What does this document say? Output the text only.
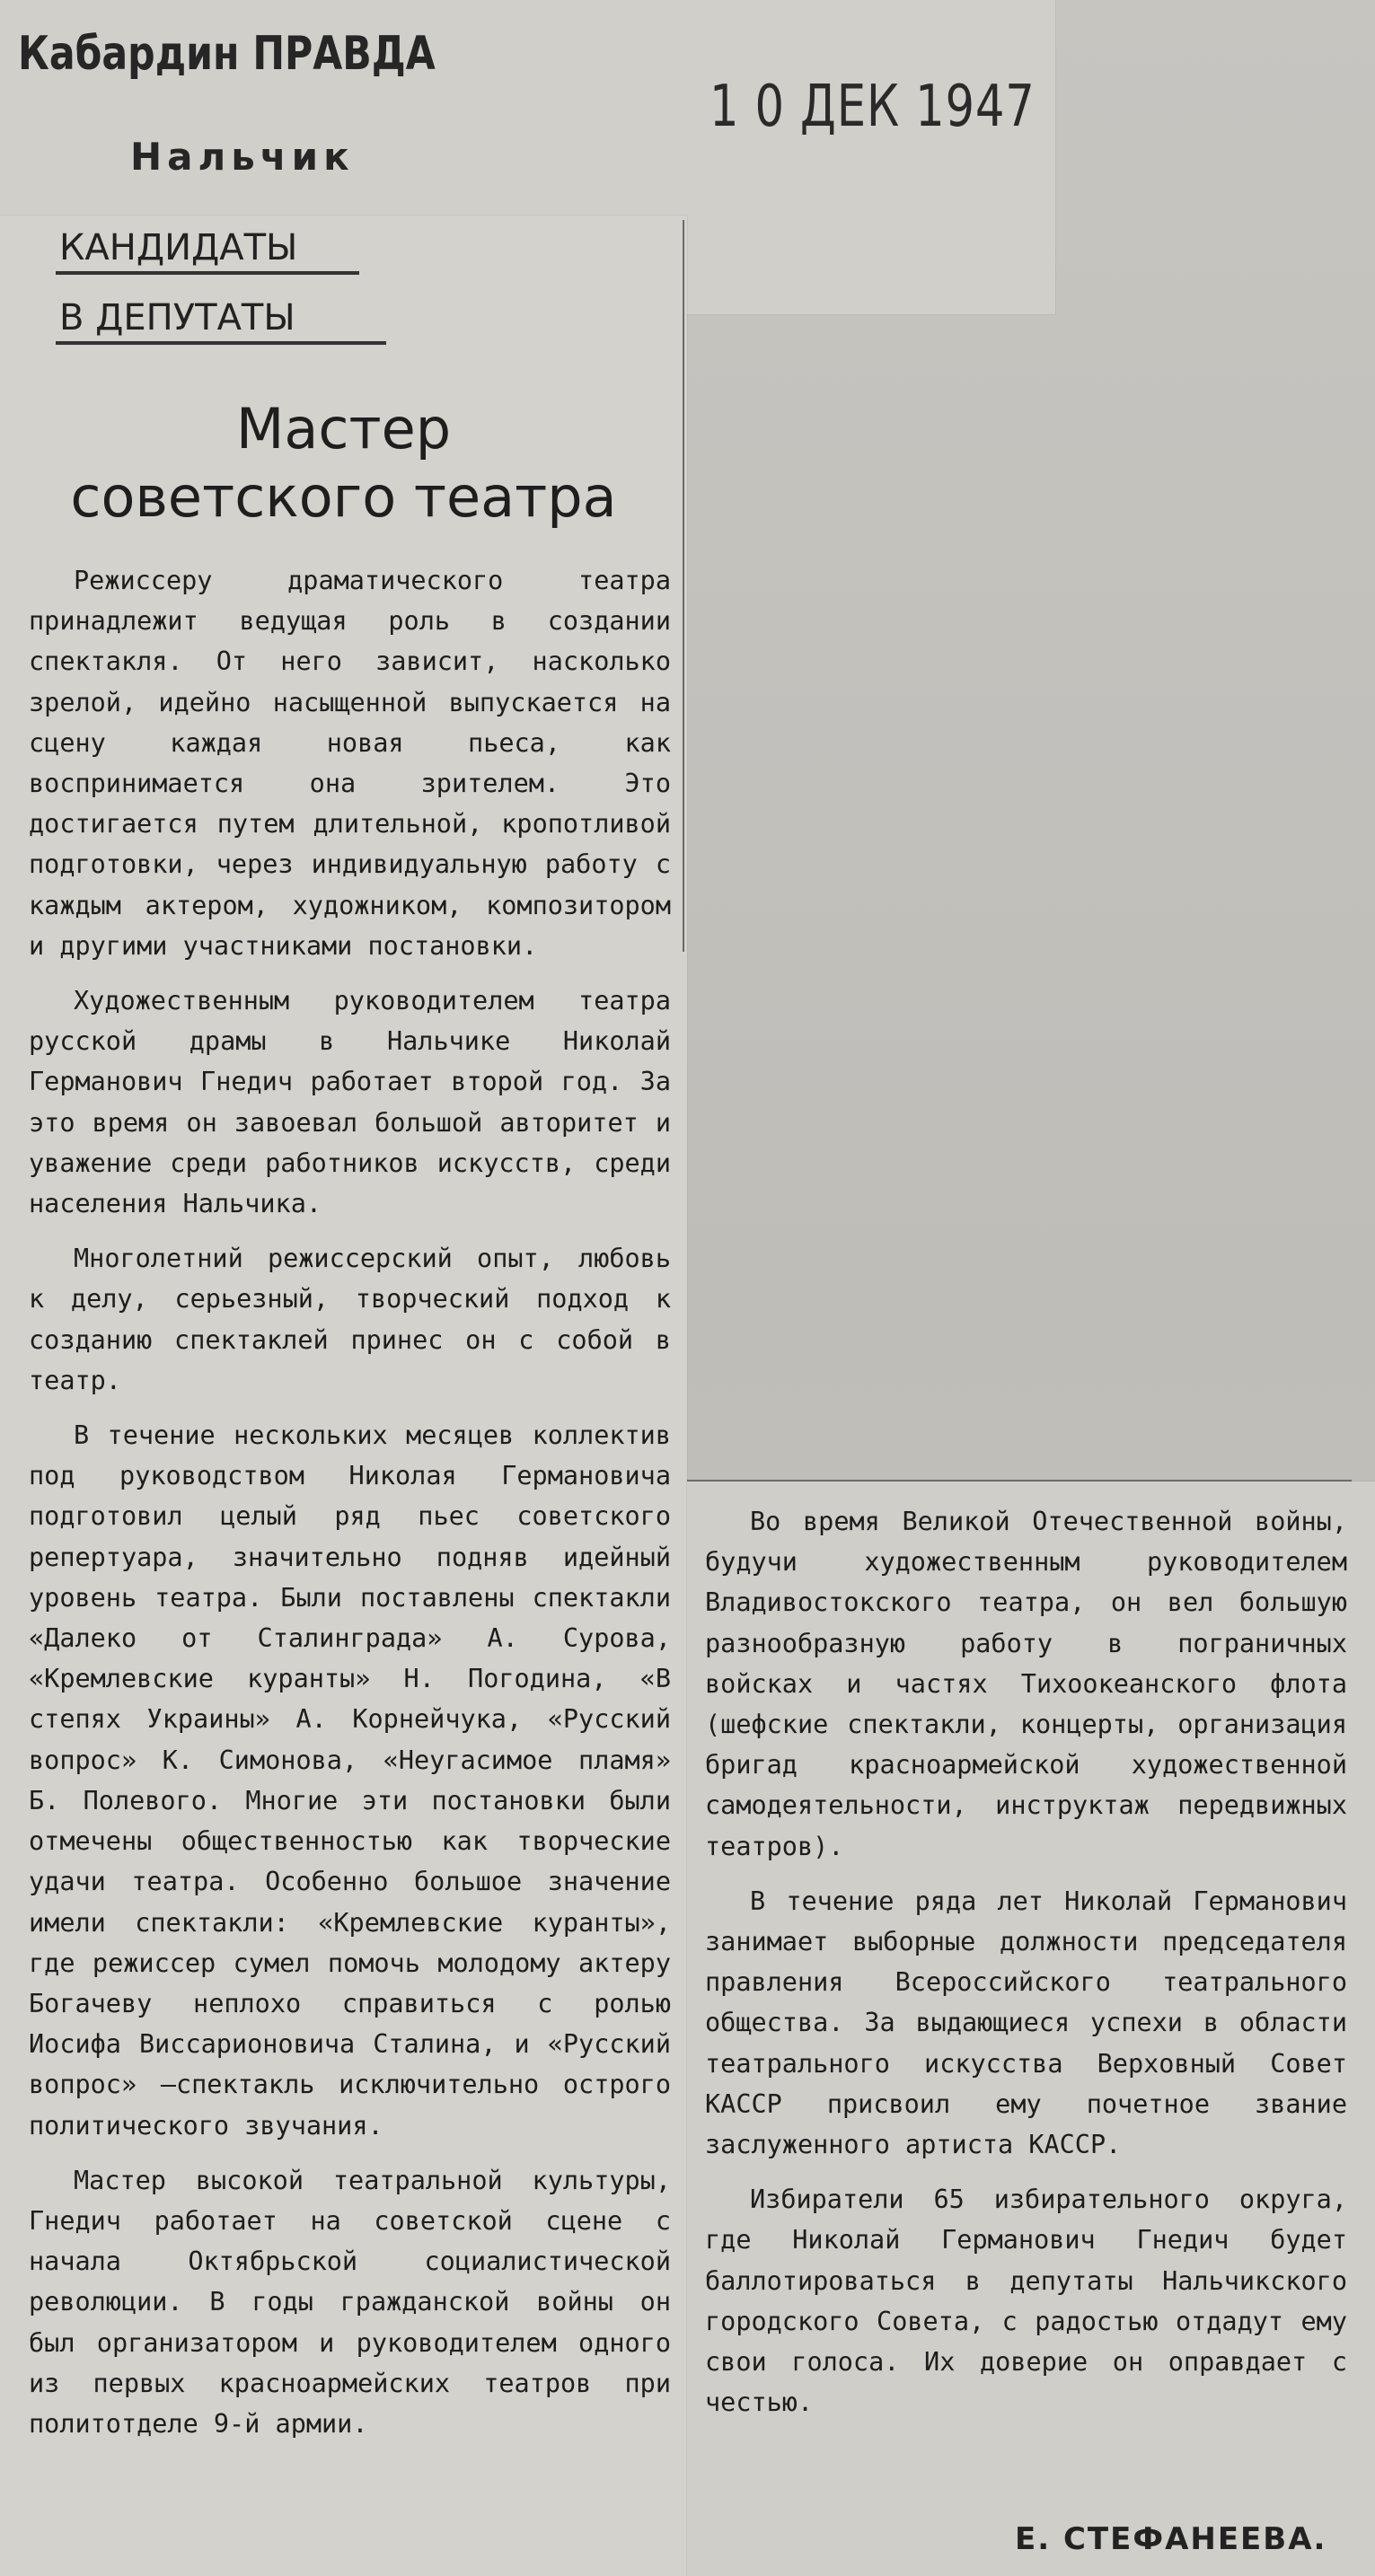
Кабардин ПРАВДА
Нальчик
1 0 ДЕК 1947
КАНДИДАТЫ
В ДЕПУТАТЫ
Мастер
советского театра

Режиссеру драматического театра принадлежит ведущая роль в создании спектакля. От него зависит, насколько зрелой, идейно насыщенной выпускается на сцену каждая новая пьеса, как воспринимается она зрителем. Это достигается путем длительной, кропотливой подготовки, через индивидуальную работу с каждым актером, художником, композитором и другими участниками постановки.

Художественным руководителем театра русской драмы в Нальчике Николай Германович Гнедич работает второй год. За это время он завоевал большой авторитет и уважение среди работников искусств, среди населения Нальчика.

Многолетний режиссерский опыт, любовь к делу, серьезный, творческий подход к созданию спектаклей принес он с собой в театр.

В течение нескольких месяцев коллектив под руководством Николая Германовича подготовил целый ряд пьес советского репертуара, значительно подняв идейный уровень театра. Были поставлены спектакли «Далеко от Сталинграда» А. Сурова, «Кремлевские куранты» Н. Погодина, «В степях Украины» А. Корнейчука, «Русский вопрос» К. Симонова, «Неугасимое пламя» Б. Полевого. Многие эти постановки были отмечены общественностью как творческие удачи театра. Особенно большое значение имели спектакли: «Кремлевские куранты», где режиссер сумел помочь молодому актеру Богачеву неплохо справиться с ролью Иосифа Виссарионовича Сталина, и «Русский вопрос» —спектакль исключительно острого политического звучания.

Мастер высокой театральной культуры, Гнедич работает на советской сцене с начала Октябрьской социалистической революции. В годы гражданской войны он был организатором и руководителем одного из первых красноармейских театров при политотделе 9-й армии.

Во время Великой Отечественной войны, будучи художественным руководителем Владивостокского театра, он вел большую разнообразную работу в пограничных войсках и частях Тихоокеанского флота (шефские спектакли, концерты, организация бригад красноармейской художественной самодеятельности, инструктаж передвижных театров).

В течение ряда лет Николай Германович занимает выборные должности председателя правления Всероссийского театрального общества. За выдающиеся успехи в области театрального искусства Верховный Совет КАССР присвоил ему почетное звание заслуженного артиста КАССР.

Избиратели 65 избирательного округа, где Николай Германович Гнедич будет баллотироваться в депутаты Нальчикского городского Совета, с радостью отдадут ему свои голоса. Их доверие он оправдает с честью.

Е. СТЕФАНЕЕВА.
